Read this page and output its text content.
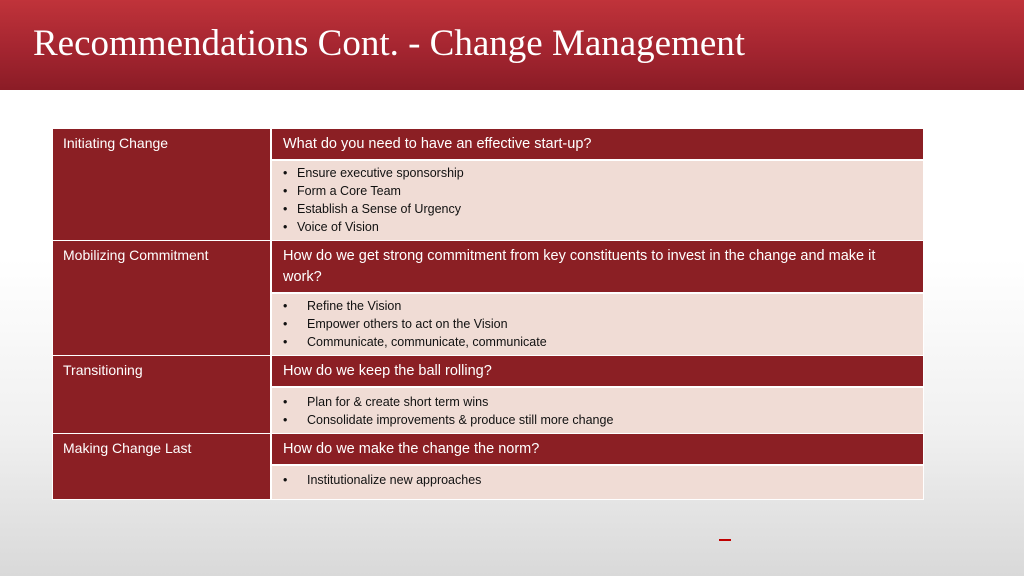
Recommendations Cont. - Change Management
Initiating Change	What do you need to have an effective start-up?
• Ensure executive sponsorship
• Form a Core Team
• Establish a Sense of Urgency
• Voice of Vision
Mobilizing Commitment	How do we get strong commitment from key constituents to invest in the change and make it work?
•	Refine the Vision
•	Empower others to act on the Vision
•	Communicate, communicate, communicate
Transitioning	How do we keep the ball rolling?
•	Plan for & create short term wins
•	Consolidate improvements & produce still more change
Making Change Last	How do we make the change the norm?
•	Institutionalize new approaches
